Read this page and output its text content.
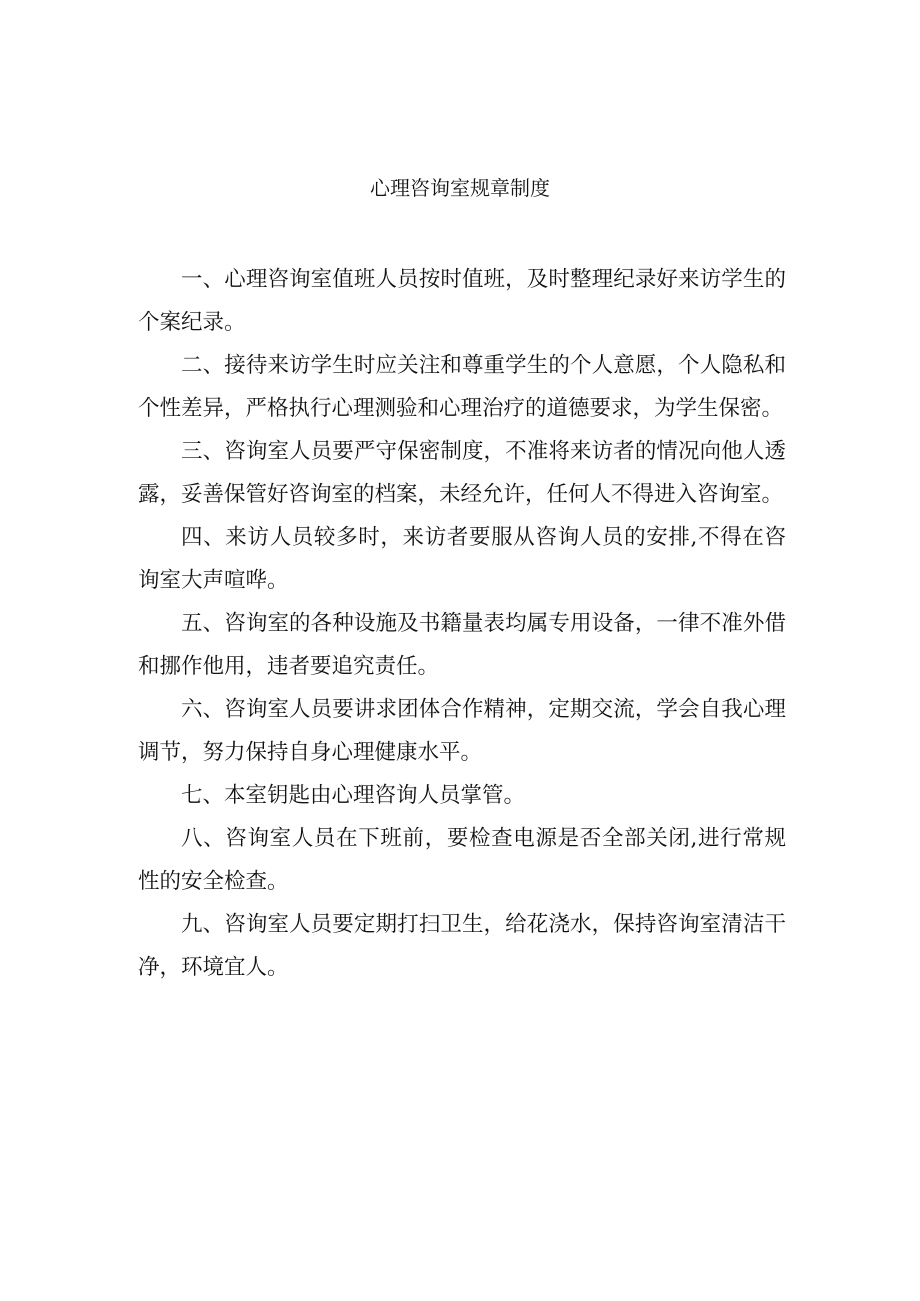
心理咨询室规章制度

一、心理咨询室值班人员按时值班，及时整理纪录好来访学生的个案纪录。

二、接待来访学生时应关注和尊重学生的个人意愿，个人隐私和个性差异，严格执行心理测验和心理治疗的道德要求，为学生保密。

三、咨询室人员要严守保密制度，不准将来访者的情况向他人透露，妥善保管好咨询室的档案，未经允许，任何人不得进入咨询室。

四、来访人员较多时，来访者要服从咨询人员的安排,不得在咨询室大声喧哗。

五、咨询室的各种设施及书籍量表均属专用设备，一律不准外借和挪作他用，违者要追究责任。

六、咨询室人员要讲求团体合作精神，定期交流，学会自我心理调节，努力保持自身心理健康水平。

七、本室钥匙由心理咨询人员掌管。

八、咨询室人员在下班前，要检查电源是否全部关闭,进行常规性的安全检查。

九、咨询室人员要定期打扫卫生，给花浇水，保持咨询室清洁干净，环境宜人。
